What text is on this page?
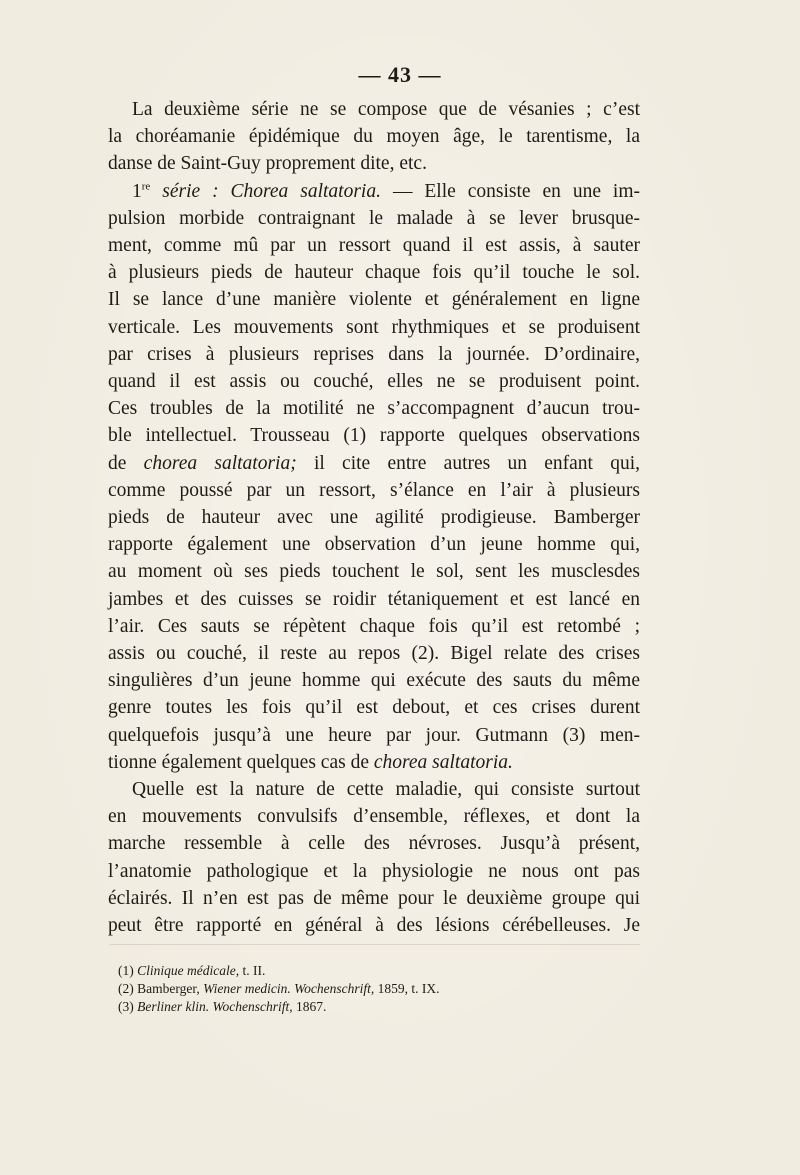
— 43 —
La deuxième série ne se compose que de vésanies ; c’est
la choréamanie épidémique du moyen âge, le tarentisme, la
danse de Saint-Guy proprement dite, etc.
1re série : Chorea saltatoria. — Elle consiste en une im-
pulsion morbide contraignant le malade à se lever brusque-
ment, comme mû par un ressort quand il est assis, à sauter
à plusieurs pieds de hauteur chaque fois qu’il touche le sol.
Il se lance d’une manière violente et généralement en ligne
verticale. Les mouvements sont rhythmiques et se produisent
par crises à plusieurs reprises dans la journée. D’ordinaire,
quand il est assis ou couché, elles ne se produisent point.
Ces troubles de la motilité ne s’accompagnent d’aucun trou-
ble intellectuel. Trousseau (1) rapporte quelques observations
de chorea saltatoria; il cite entre autres un enfant qui,
comme poussé par un ressort, s’élance en l’air à plusieurs
pieds de hauteur avec une agilité prodigieuse. Bamberger
rapporte également une observation d’un jeune homme qui,
au moment où ses pieds touchent le sol, sent les musclesdes
jambes et des cuisses se roidir tétaniquement et est lancé en
l’air. Ces sauts se répètent chaque fois qu’il est retombé ;
assis ou couché, il reste au repos (2). Bigel relate des crises
singulières d’un jeune homme qui exécute des sauts du même
genre toutes les fois qu’il est debout, et ces crises durent
quelquefois jusqu’à une heure par jour. Gutmann (3) men-
tionne également quelques cas de chorea saltatoria.
Quelle est la nature de cette maladie, qui consiste surtout
en mouvements convulsifs d’ensemble, réflexes, et dont la
marche ressemble à celle des névroses. Jusqu’à présent,
l’anatomie pathologique et la physiologie ne nous ont pas
éclairés. Il n’en est pas de même pour le deuxième groupe qui
peut être rapporté en général à des lésions cérébelleuses. Je
(1) Clinique médicale, t. II.
(2) Bamberger, Wiener medicin. Wochenschrift, 1859, t. IX.
(3) Berliner klin. Wochenschrift, 1867.
